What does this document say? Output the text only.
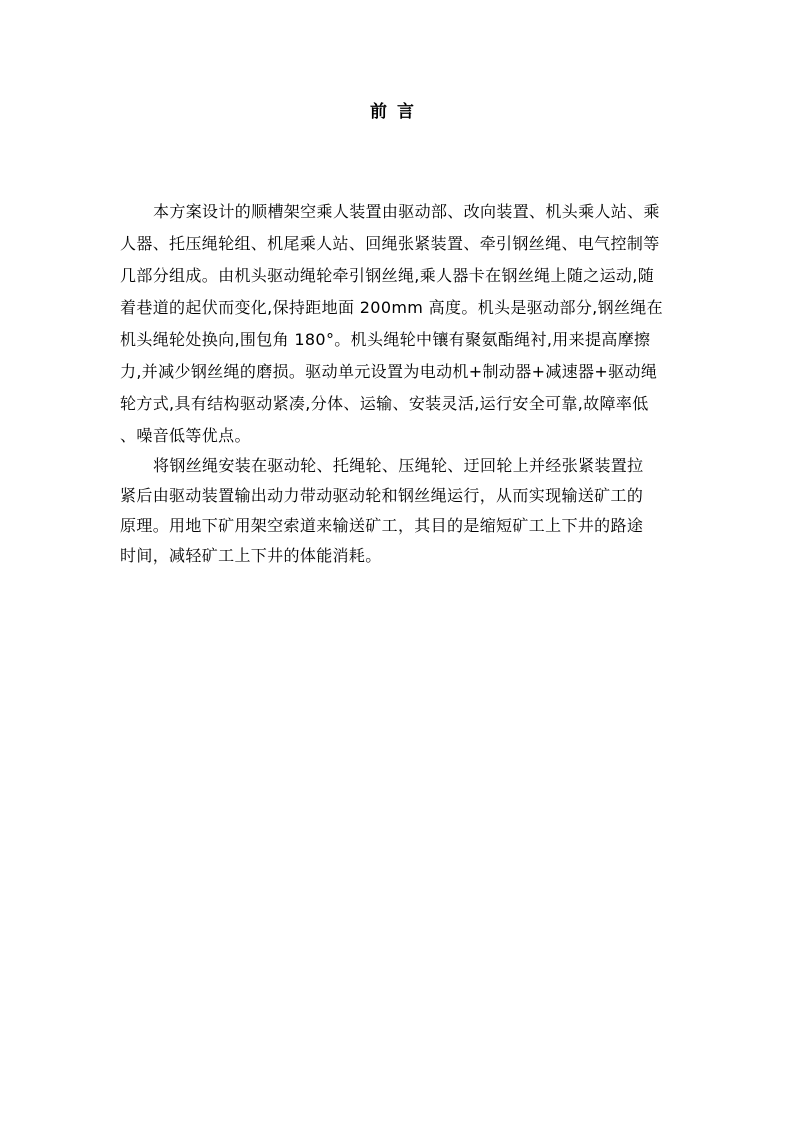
前言
本方案设计的顺槽架空乘人装置由驱动部、改向装置、机头乘人站、乘
人器、托压绳轮组、机尾乘人站、回绳张紧装置、牵引钢丝绳、电气控制等
几部分组成。由机头驱动绳轮牵引钢丝绳,乘人器卡在钢丝绳上随之运动,随
着巷道的起伏而变化,保持距地面 200mm 高度。机头是驱动部分,钢丝绳在
机头绳轮处换向,围包角 180°。机头绳轮中镶有聚氨酯绳衬,用来提高摩擦
力,并减少钢丝绳的磨损。驱动单元设置为电动机+制动器+减速器+驱动绳
轮方式,具有结构驱动紧凑,分体、运输、安装灵活,运行安全可靠,故障率低
、噪音低等优点。
将钢丝绳安装在驱动轮、托绳轮、压绳轮、迂回轮上并经张紧装置拉
紧后由驱动装置输出动力带动驱动轮和钢丝绳运行，从而实现输送矿工的
原理。用地下矿用架空索道来输送矿工，其目的是缩短矿工上下井的路途
时间，减轻矿工上下井的体能消耗。
